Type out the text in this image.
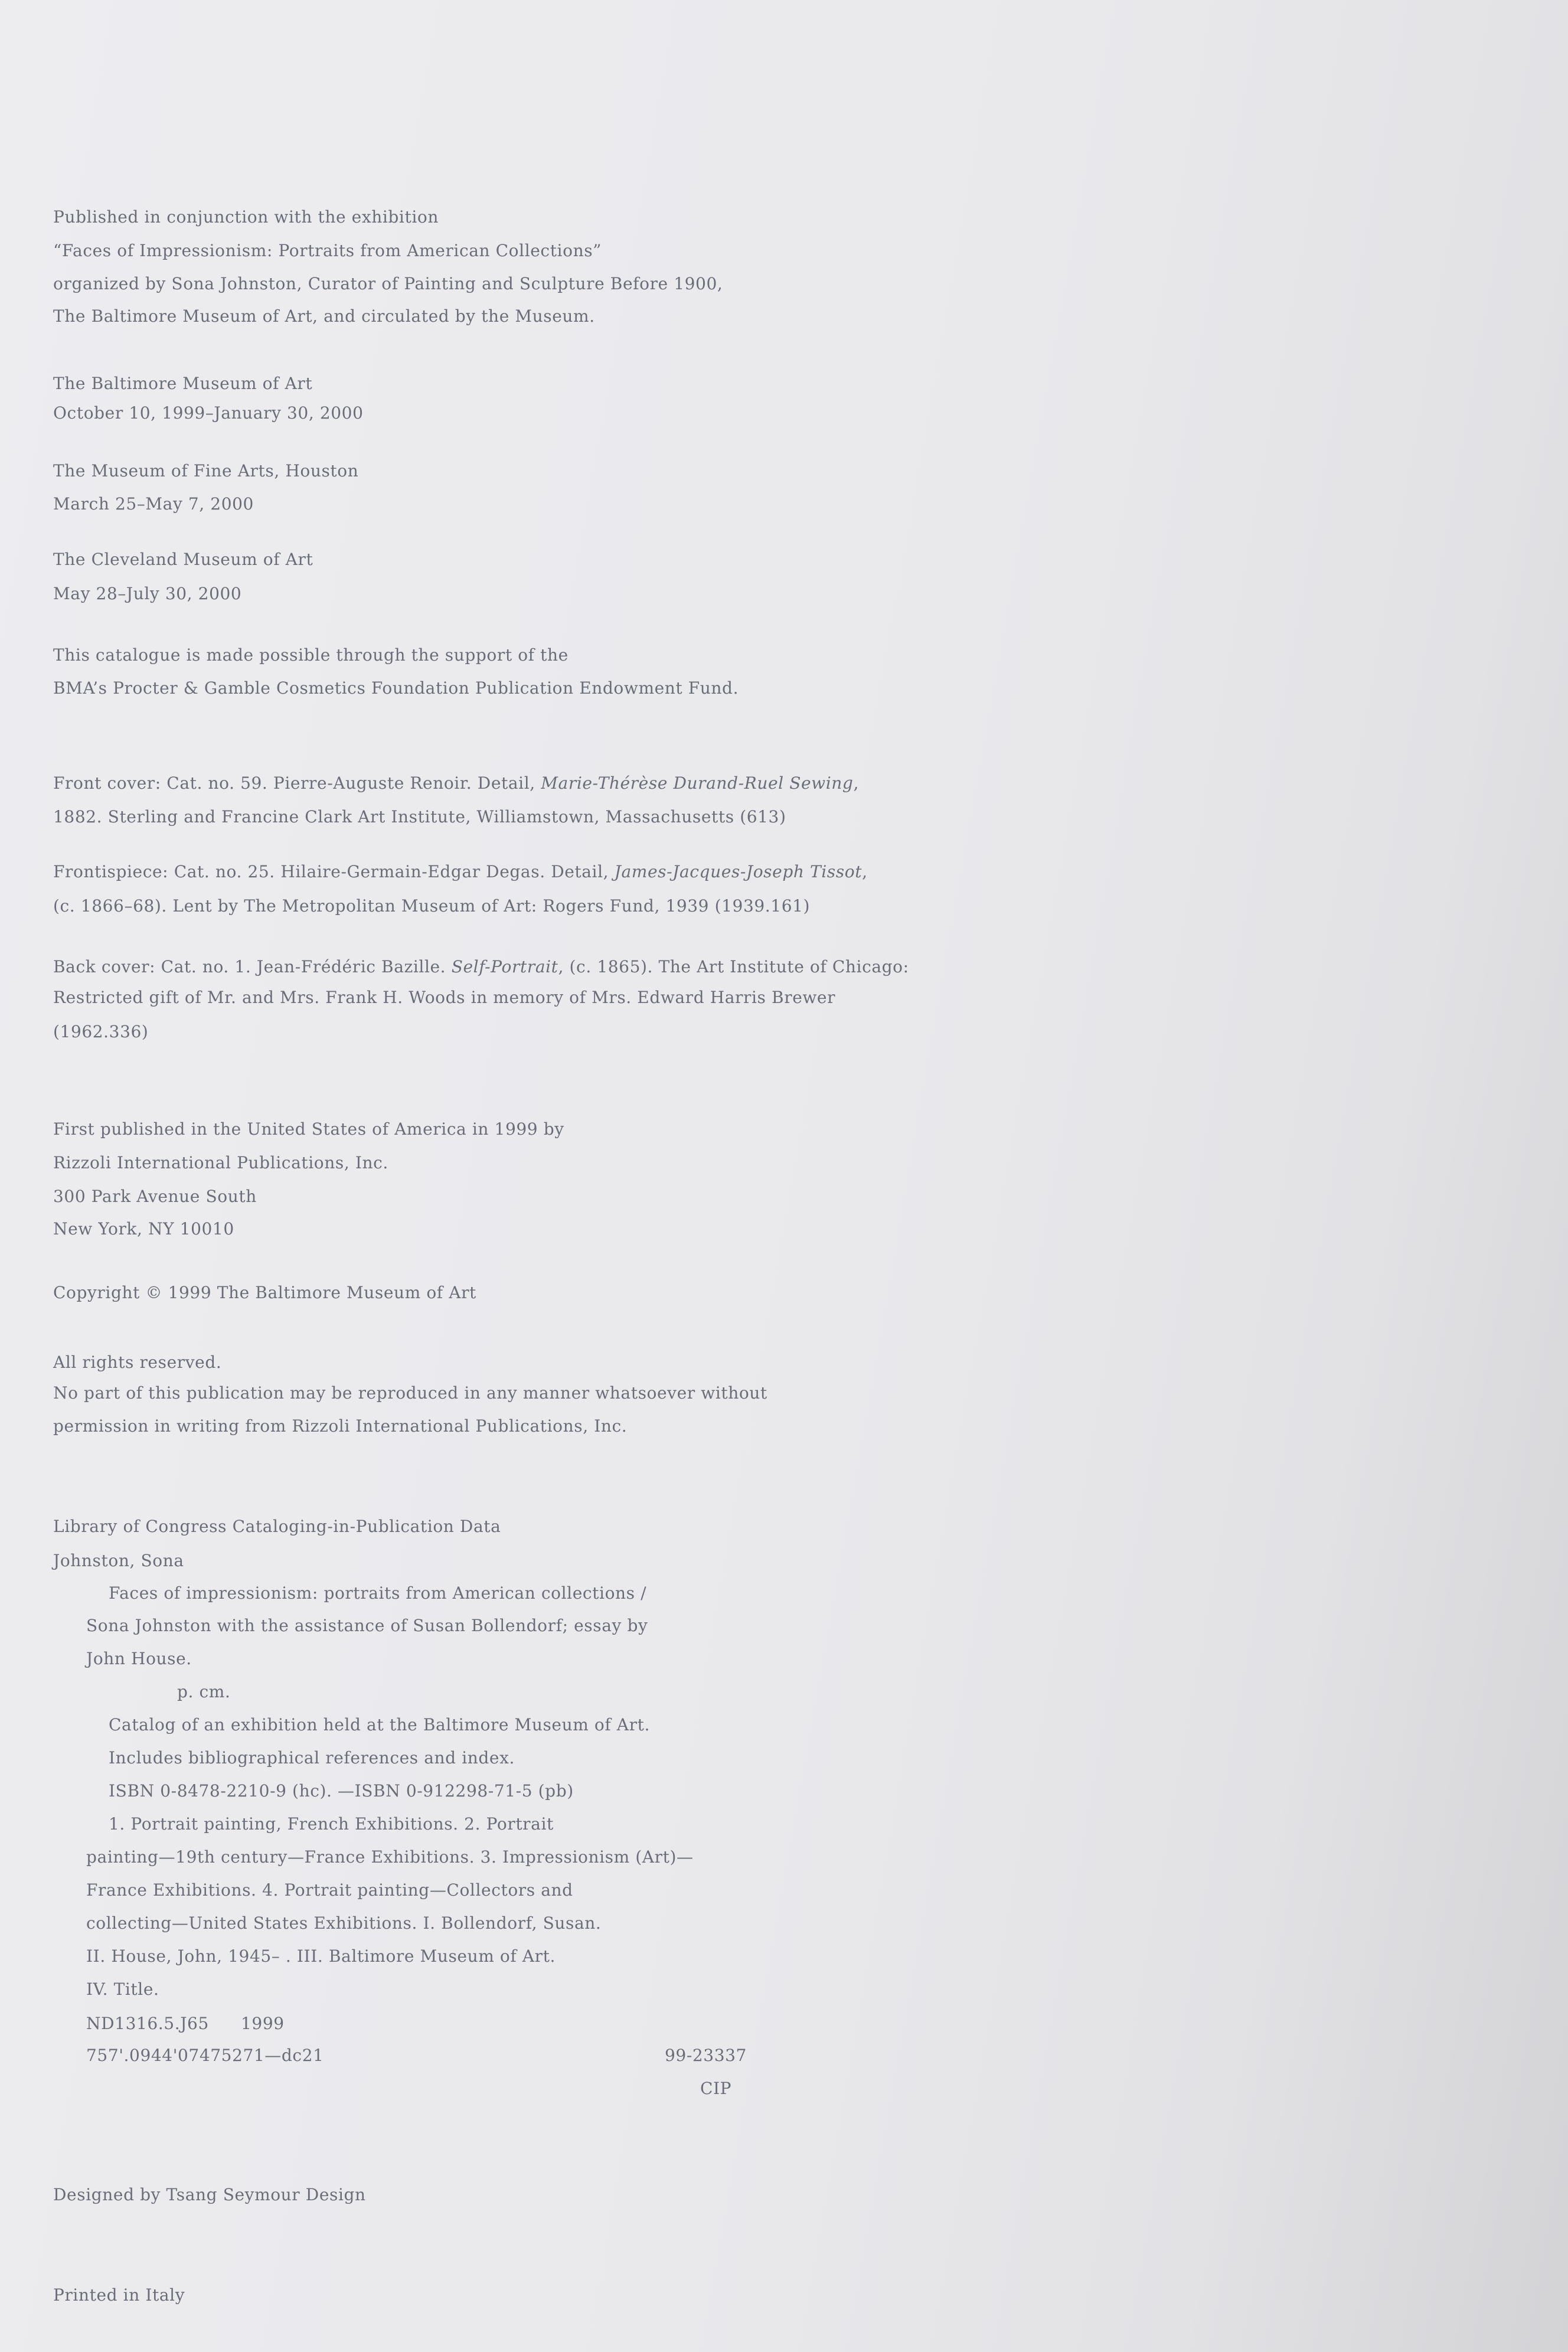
Published in conjunction with the exhibition
“Faces of Impressionism: Portraits from American Collections”
organized by Sona Johnston, Curator of Painting and Sculpture Before 1900,
The Baltimore Museum of Art, and circulated by the Museum.
The Baltimore Museum of Art
October 10, 1999–January 30, 2000
The Museum of Fine Arts, Houston
March 25–May 7, 2000
The Cleveland Museum of Art
May 28–July 30, 2000
This catalogue is made possible through the support of the
BMA’s Procter & Gamble Cosmetics Foundation Publication Endowment Fund.
Front cover: Cat. no. 59. Pierre-Auguste Renoir. Detail, Marie-Thérèse Durand-Ruel Sewing,
1882. Sterling and Francine Clark Art Institute, Williamstown, Massachusetts (613)
Frontispiece: Cat. no. 25. Hilaire-Germain-Edgar Degas. Detail, James-Jacques-Joseph Tissot,
(c. 1866–68). Lent by The Metropolitan Museum of Art: Rogers Fund, 1939 (1939.161)
Back cover: Cat. no. 1. Jean-Frédéric Bazille. Self-Portrait, (c. 1865). The Art Institute of Chicago:
Restricted gift of Mr. and Mrs. Frank H. Woods in memory of Mrs. Edward Harris Brewer
(1962.336)
First published in the United States of America in 1999 by
Rizzoli International Publications, Inc.
300 Park Avenue South
New York, NY 10010
Copyright © 1999 The Baltimore Museum of Art
All rights reserved.
No part of this publication may be reproduced in any manner whatsoever without
permission in writing from Rizzoli International Publications, Inc.
Library of Congress Cataloging-in-Publication Data
Johnston, Sona
Faces of impressionism: portraits from American collections /
Sona Johnston with the assistance of Susan Bollendorf; essay by
John House.
p. cm.
Catalog of an exhibition held at the Baltimore Museum of Art.
Includes bibliographical references and index.
ISBN 0-8478-2210-9 (hc). —ISBN 0-912298-71-5 (pb)
1. Portrait painting, French Exhibitions. 2. Portrait
painting—19th century—France Exhibitions. 3. Impressionism (Art)—
France Exhibitions. 4. Portrait painting—Collectors and
collecting—United States Exhibitions. I. Bollendorf, Susan.
II. House, John, 1945– . III. Baltimore Museum of Art.
IV. Title.
ND1316.5.J65 1999
757'.0944'07475271—dc21	99-23337
CIP
Designed by Tsang Seymour Design
Printed in Italy
